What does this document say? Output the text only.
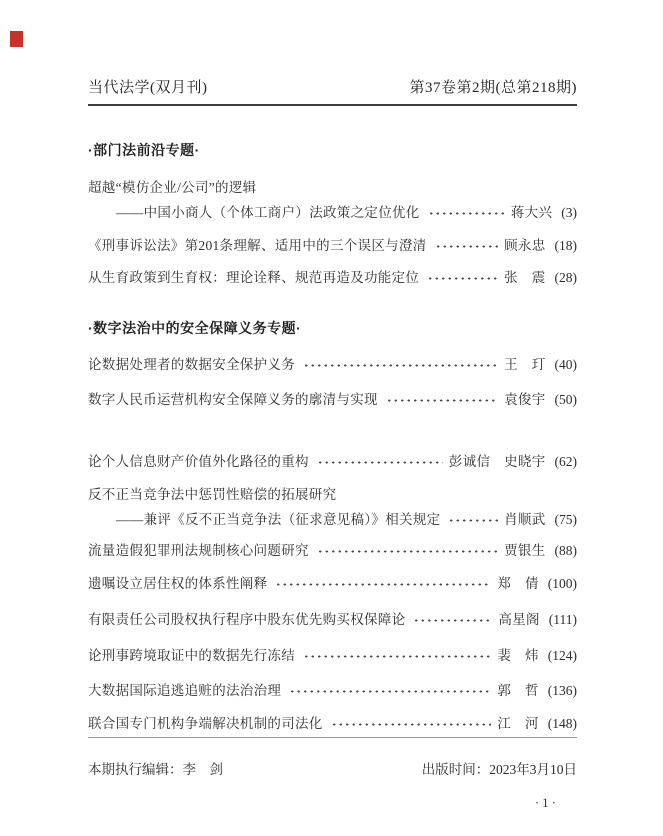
当代法学(双月刊)	第37卷第2期(总第218期)
·部门法前沿专题·
超越“模仿企业/公司”的逻辑
——中国小商人（个体工商户）法政策之定位优化	蒋大兴 (3)
《刑事诉讼法》第201条理解、适用中的三个误区与澄清	顾永忠 (18)
从生育政策到生育权：理论诠释、规范再造及功能定位	张　震 (28)
·数字法治中的安全保障义务专题·
论数据处理者的数据安全保护义务	王　玎 (40)
数字人民币运营机构安全保障义务的廓清与实现	袁俊宇 (50)
论个人信息财产价值外化路径的重构	彭诚信　史晓宇 (62)
反不正当竞争法中惩罚性赔偿的拓展研究
——兼评《反不正当竞争法（征求意见稿）》相关规定	肖顺武 (75)
流量造假犯罪刑法规制核心问题研究	贾银生 (88)
遗嘱设立居住权的体系性阐释	郑　倩 (100)
有限责任公司股权执行程序中股东优先购买权保障论	高星阁 (111)
论刑事跨境取证中的数据先行冻结	裴　炜 (124)
大数据国际追逃追赃的法治治理	郭　哲 (136)
联合国专门机构争端解决机制的司法化	江　河 (148)
本期执行编辑：李　剑	出版时间：2023年3月10日
·1·
